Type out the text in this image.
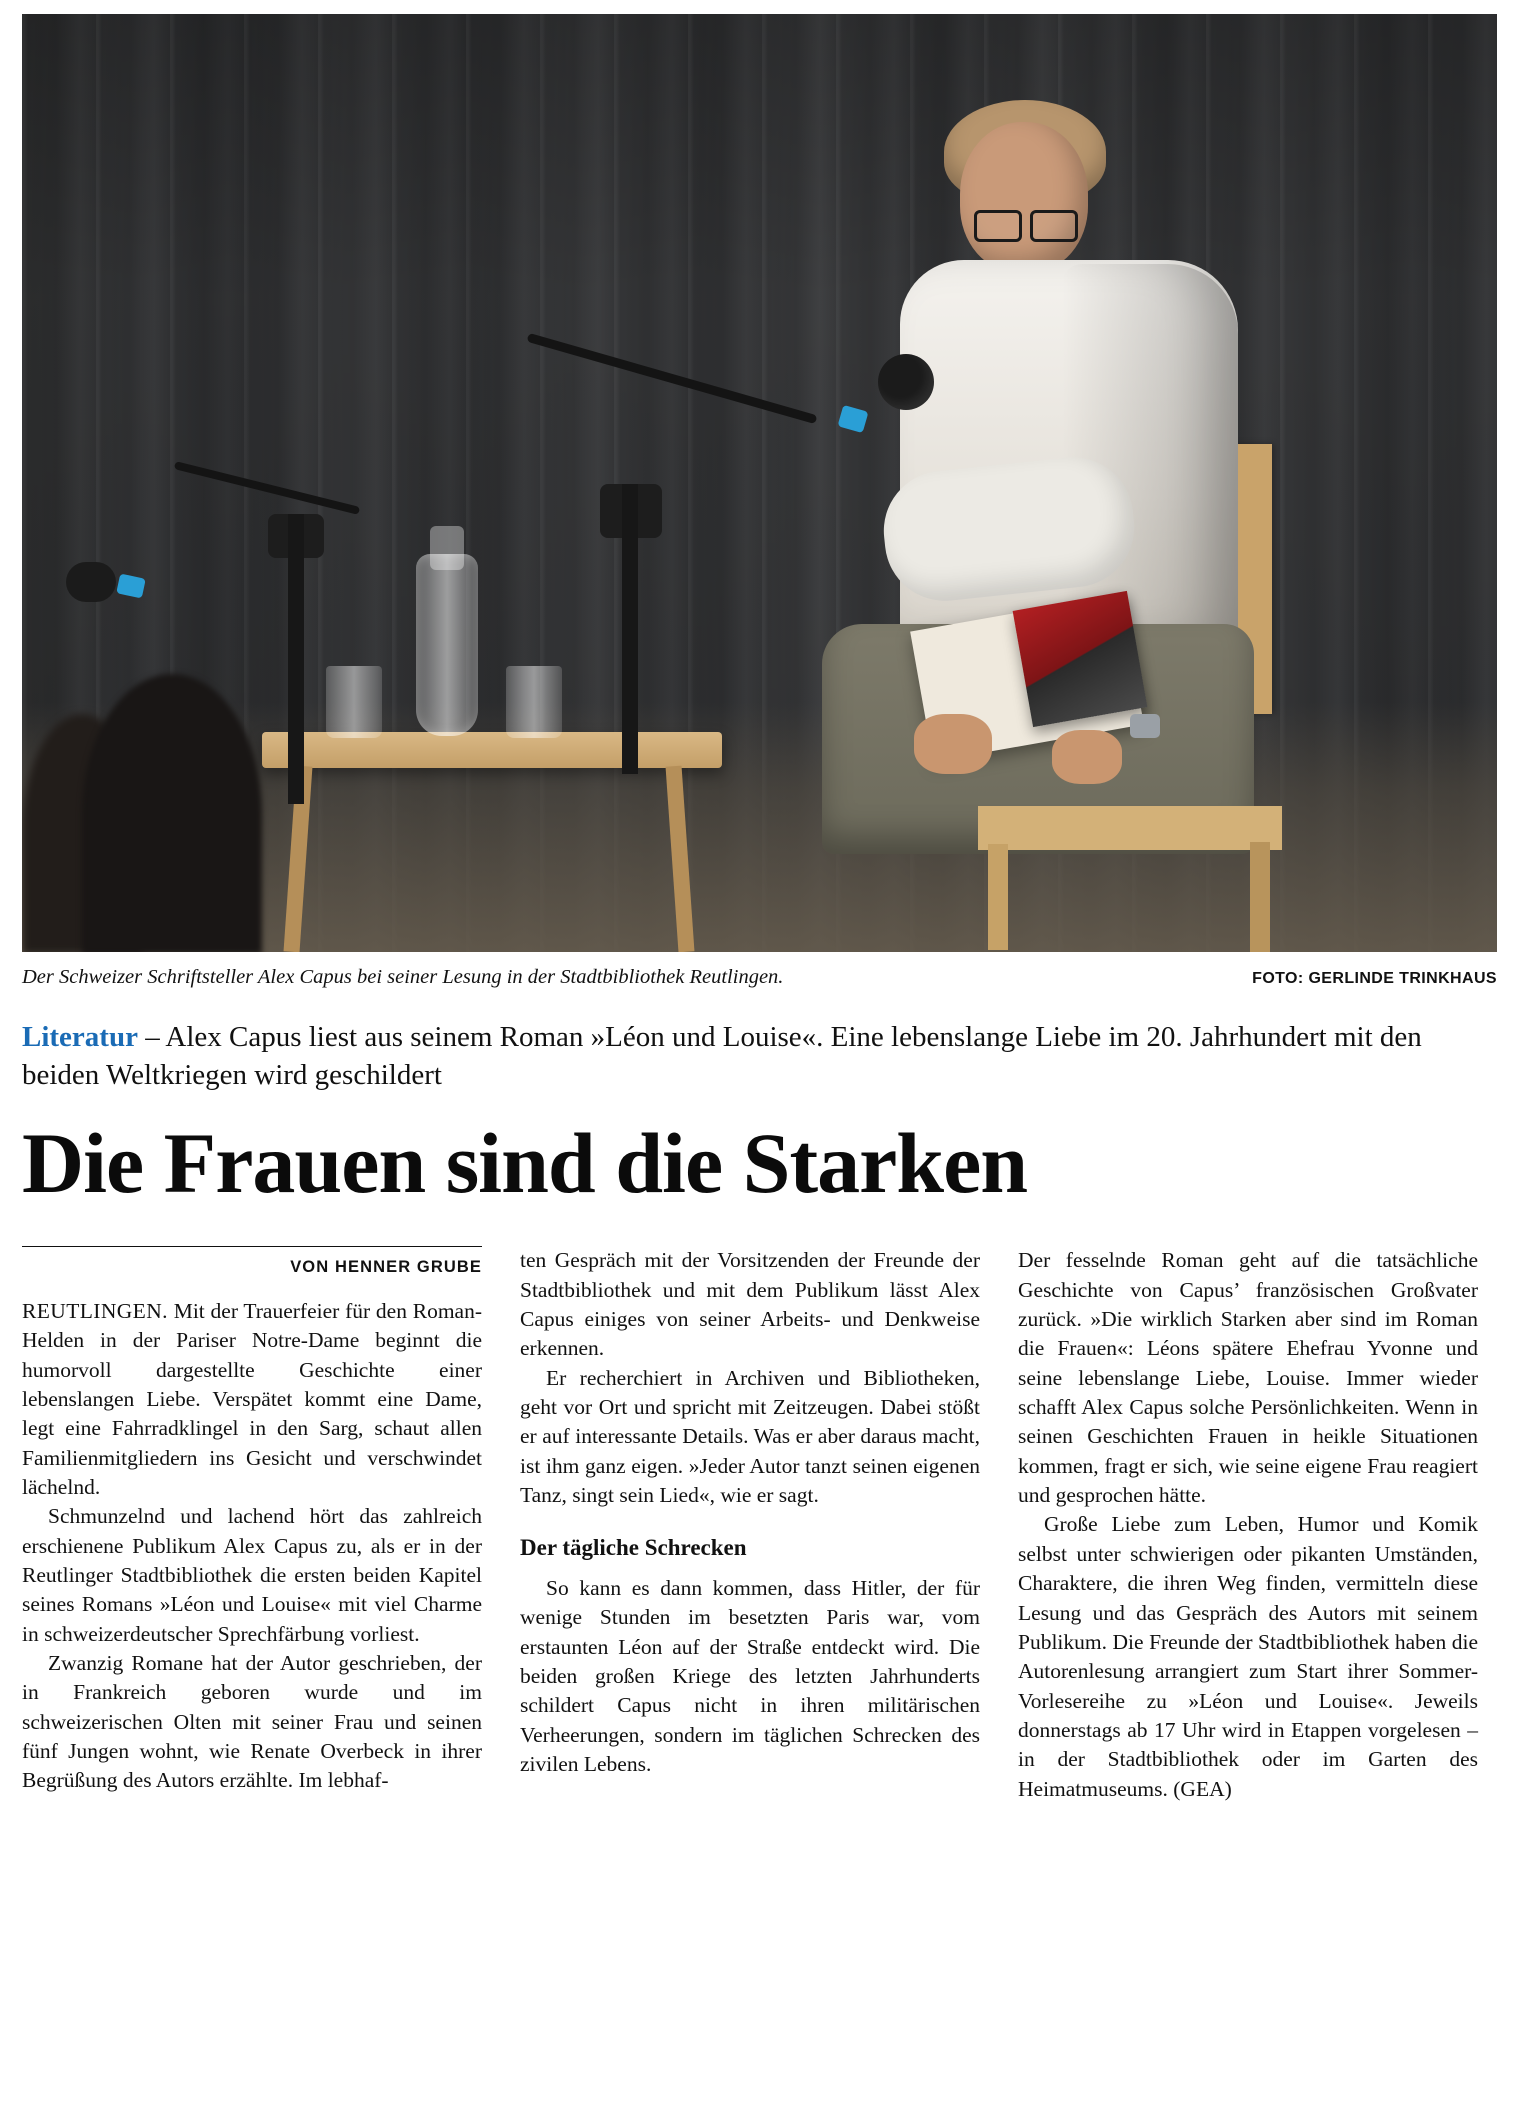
Der Schweizer Schriftsteller Alex Capus bei seiner Lesung in der Stadtbibliothek Reutlingen.	FOTO: GERLINDE TRINKHAUS
Literatur – Alex Capus liest aus seinem Roman »Léon und Louise«. Eine lebenslange Liebe im 20. Jahrhundert mit den beiden Weltkriegen wird geschildert
Die Frauen sind die Starken
VON HENNER GRUBE

REUTLINGEN. Mit der Trauerfeier für den Roman-Helden in der Pariser Notre-Dame beginnt die humorvoll dargestellte Geschichte einer lebenslangen Liebe. Verspätet kommt eine Dame, legt eine Fahrradklingel in den Sarg, schaut allen Familienmitgliedern ins Gesicht und verschwindet lächelnd.

Schmunzelnd und lachend hört das zahlreich erschienene Publikum Alex Capus zu, als er in der Reutlinger Stadtbibliothek die ersten beiden Kapitel seines Romans »Léon und Louise« mit viel Charme in schweizerdeutscher Sprechfärbung vorliest.

Zwanzig Romane hat der Autor geschrieben, der in Frankreich geboren wurde und im schweizerischen Olten mit seiner Frau und seinen fünf Jungen wohnt, wie Renate Overbeck in ihrer Begrüßung des Autors erzählte. Im lebhaf-

ten Gespräch mit der Vorsitzenden der Freunde der Stadtbibliothek und mit dem Publikum lässt Alex Capus einiges von seiner Arbeits- und Denkweise erkennen.

Er recherchiert in Archiven und Bibliotheken, geht vor Ort und spricht mit Zeitzeugen. Dabei stößt er auf interessante Details. Was er aber daraus macht, ist ihm ganz eigen. »Jeder Autor tanzt seinen eigenen Tanz, singt sein Lied«, wie er sagt.

Der tägliche Schrecken

So kann es dann kommen, dass Hitler, der für wenige Stunden im besetzten Paris war, vom erstaunten Léon auf der Straße entdeckt wird. Die beiden großen Kriege des letzten Jahrhunderts schildert Capus nicht in ihren militärischen Verheerungen, sondern im täglichen Schrecken des zivilen Lebens.

Der fesselnde Roman geht auf die tatsächliche Geschichte von Capus’ französischen Großvater zurück. »Die wirklich Starken aber sind im Roman die Frauen«: Léons spätere Ehefrau Yvonne und seine lebenslange Liebe, Louise. Immer wieder schafft Alex Capus solche Persönlichkeiten. Wenn in seinen Geschichten Frauen in heikle Situationen kommen, fragt er sich, wie seine eigene Frau reagiert und gesprochen hätte.

Große Liebe zum Leben, Humor und Komik selbst unter schwierigen oder pikanten Umständen, Charaktere, die ihren Weg finden, vermitteln diese Lesung und das Gespräch des Autors mit seinem Publikum. Die Freunde der Stadtbibliothek haben die Autorenlesung arrangiert zum Start ihrer Sommer-Vorlesereihe zu »Léon und Louise«. Jeweils donnerstags ab 17 Uhr wird in Etappen vorgelesen – in der Stadtbibliothek oder im Garten des Heimatmuseums. (GEA)
